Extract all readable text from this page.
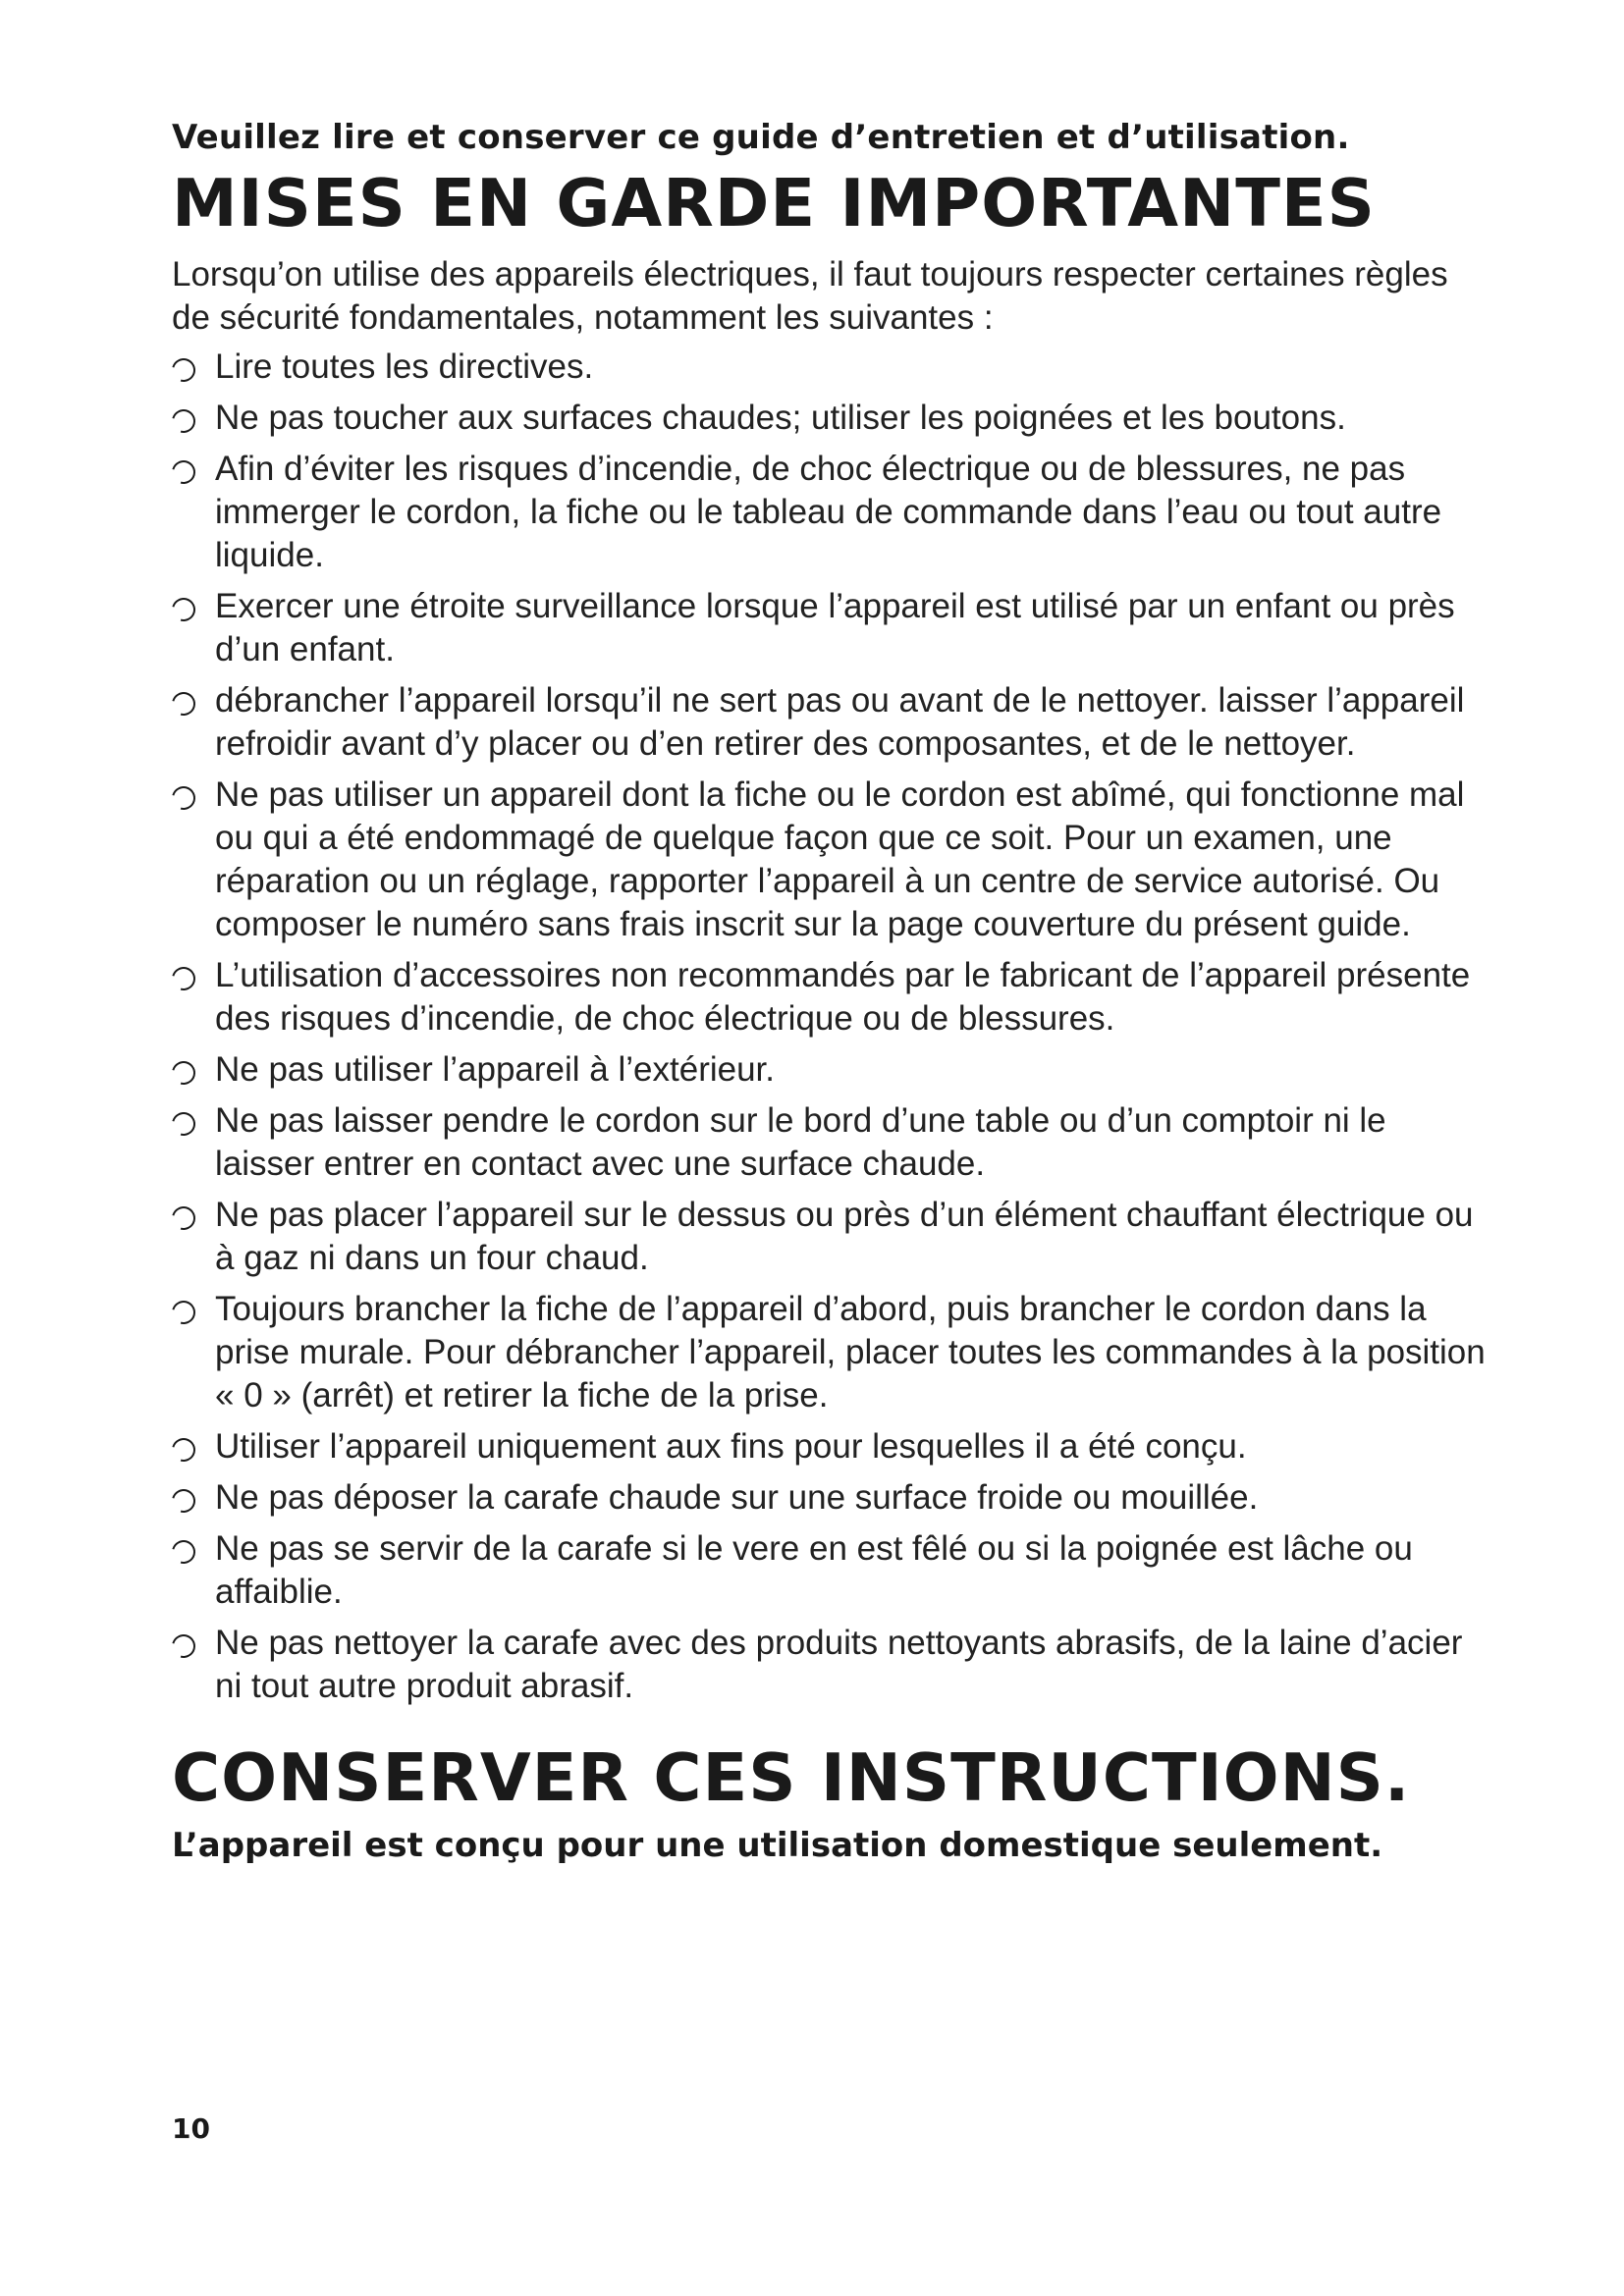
Veuillez lire et conserver ce guide d’entretien et d’utilisation.

MISES EN GARDE IMPORTANTES

Lorsqu’on utilise des appareils électriques, il faut toujours respecter certaines règles de sécurité fondamentales, notamment les suivantes :

Lire toutes les directives.
Ne pas toucher aux surfaces chaudes; utiliser les poignées et les boutons.
Afin d’éviter les risques d’incendie, de choc électrique ou de blessures, ne pas immerger le cordon, la fiche ou le tableau de commande dans l’eau ou tout autre liquide.
Exercer une étroite surveillance lorsque l’appareil est utilisé par un enfant ou près d’un enfant.
débrancher l’appareil lorsqu’il ne sert pas ou avant de le nettoyer. laisser l’appareil refroidir avant d’y placer ou d’en retirer des composantes, et de le nettoyer.
Ne pas utiliser un appareil dont la fiche ou le cordon est abîmé, qui fonctionne mal ou qui a été endommagé de quelque façon que ce soit. Pour un examen, une réparation ou un réglage, rapporter l’appareil à un centre de service autorisé. Ou composer le numéro sans frais inscrit sur la page couverture du présent guide.
L’utilisation d’accessoires non recommandés par le fabricant de l’appareil présente des risques d’incendie, de choc électrique ou de blessures.
Ne pas utiliser l’appareil à l’extérieur.
Ne pas laisser pendre le cordon sur le bord d’une table ou d’un comptoir ni le laisser entrer en contact avec une surface chaude.
Ne pas placer l’appareil sur le dessus ou près d’un élément chauffant électrique ou à gaz ni dans un four chaud.
Toujours brancher la fiche de l’appareil d’abord, puis brancher le cordon dans la prise murale. Pour débrancher l’appareil, placer toutes les commandes à la position « 0 » (arrêt) et retirer la fiche de la prise.
Utiliser l’appareil uniquement aux fins pour lesquelles il a été conçu.
Ne pas déposer la carafe chaude sur une surface froide ou mouillée.
Ne pas se servir de la carafe si le vere en est fêlé ou si la poignée est lâche ou affaiblie.
Ne pas nettoyer la carafe avec des produits nettoyants abrasifs, de la laine d’acier ni tout autre produit abrasif.
CONSERVER CES INSTRUCTIONS.

L’appareil est conçu pour une utilisation domestique seulement.

10
